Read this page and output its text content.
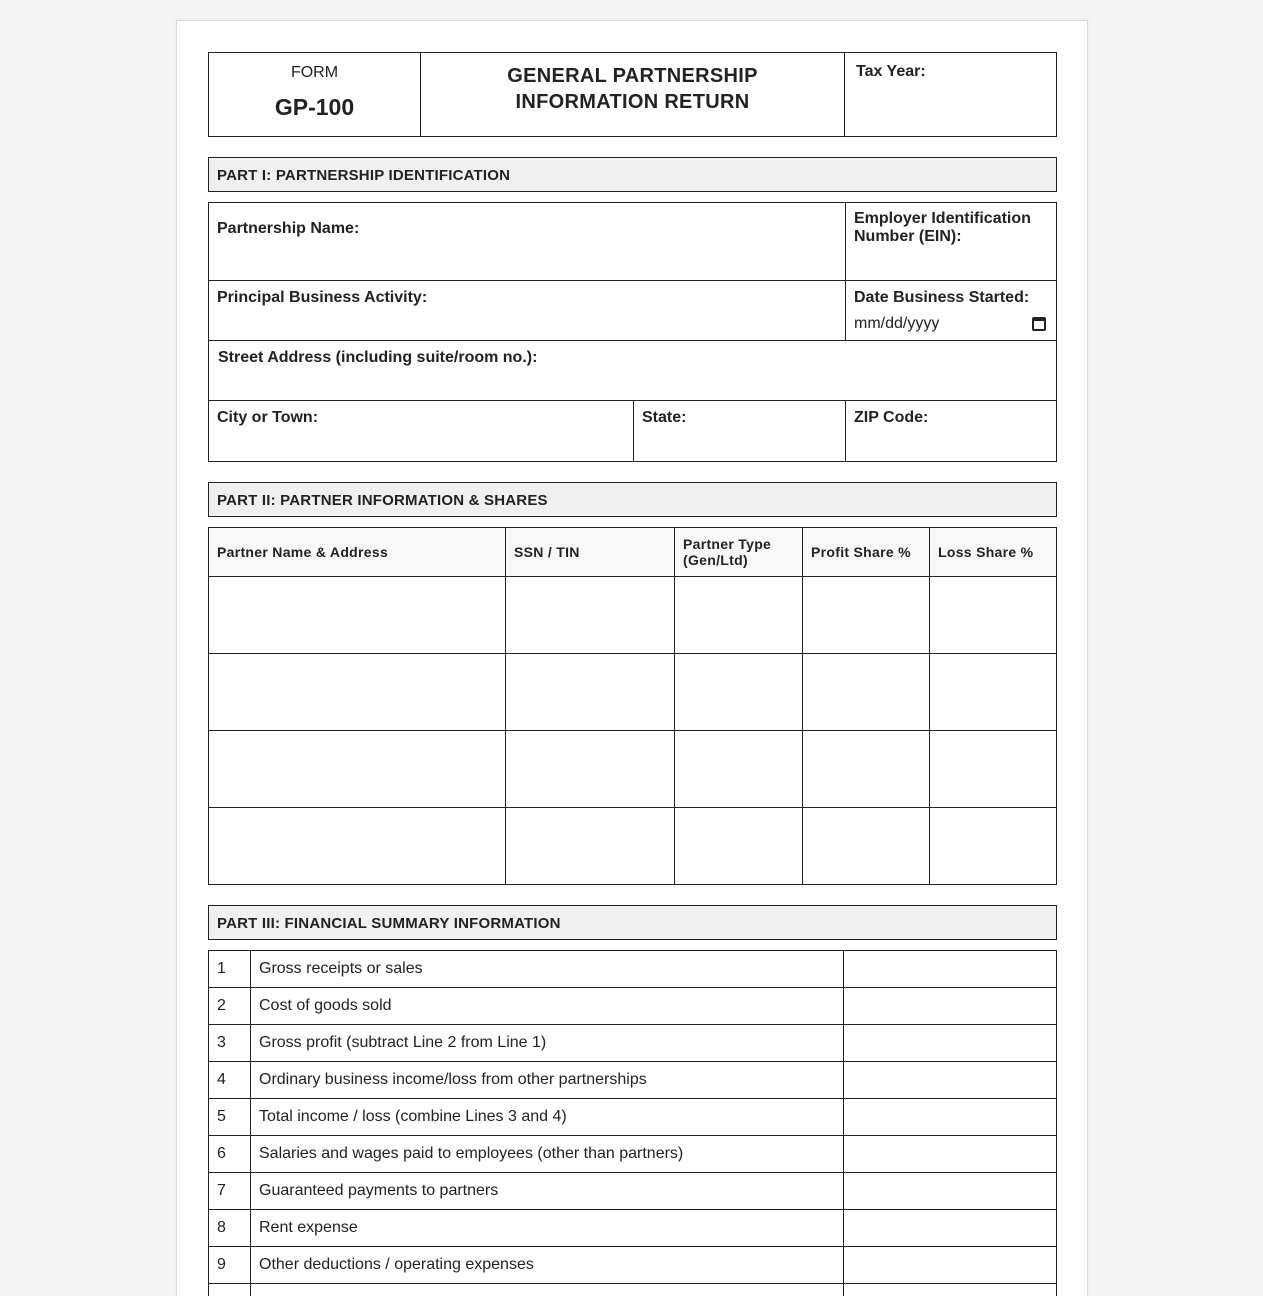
FORM
GP-100
GENERAL PARTNERSHIP
INFORMATION RETURN
Tax Year:
PART I: PARTNERSHIP IDENTIFICATION
Partnership Name:
Employer Identification Number (EIN):
Principal Business Activity:	Date Business Started:
mm/dd/yyyy
Street Address (including suite/room no.):
City or Town:	State:	ZIP Code:
PART II: PARTNER INFORMATION & SHARES
Partner Name & Address	SSN / TIN	Partner Type (Gen/Ltd)	Profit Share %	Loss Share %

PART III: FINANCIAL SUMMARY INFORMATION
1	Gross receipts or sales	
2	Cost of goods sold	
3	Gross profit (subtract Line 2 from Line 1)	
4	Ordinary business income/loss from other partnerships	
5	Total income / loss (combine Lines 3 and 4)	
6	Salaries and wages paid to employees (other than partners)	
7	Guaranteed payments to partners	
8	Rent expense	
9	Other deductions / operating expenses	
